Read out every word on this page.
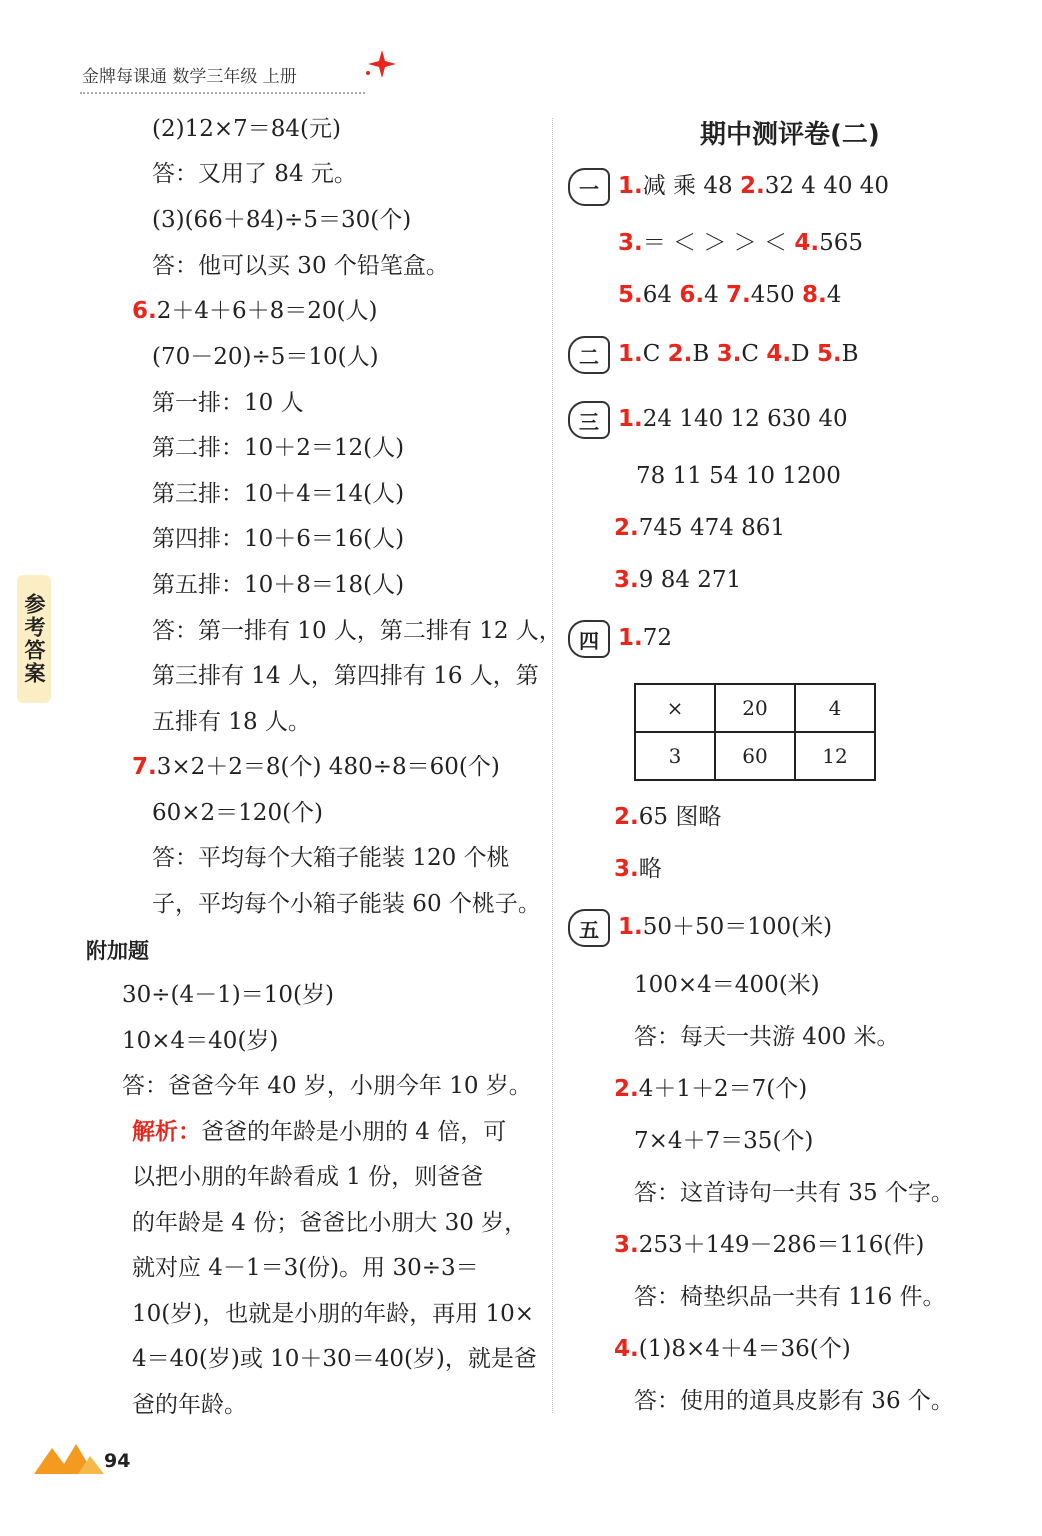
金牌每课通 数学三年级 上册
参考答案
(2)12×7＝84(元)
答：又用了 84 元。
(3)(66＋84)÷5＝30(个)
答：他可以买 30 个铅笔盒。
6.2＋4＋6＋8＝20(人)
(70－20)÷5＝10(人)
第一排：10 人
第二排：10＋2＝12(人)
第三排：10＋4＝14(人)
第四排：10＋6＝16(人)
第五排：10＋8＝18(人)
答：第一排有 10 人，第二排有 12 人，
第三排有 14 人，第四排有 16 人，第
五排有 18 人。
7.3×2＋2＝8(个) 480÷8＝60(个)
60×2＝120(个)
答：平均每个大箱子能装 120 个桃
子，平均每个小箱子能装 60 个桃子。
附加题
30÷(4－1)＝10(岁)
10×4＝40(岁)
答：爸爸今年 40 岁，小朋今年 10 岁。
解析：爸爸的年龄是小朋的 4 倍，可
以把小朋的年龄看成 1 份，则爸爸
的年龄是 4 份；爸爸比小朋大 30 岁，
就对应 4－1＝3(份)。用 30÷3＝
10(岁)，也就是小朋的年龄，再用 10×
4＝40(岁)或 10＋30＝40(岁)，就是爸
爸的年龄。
期中测评卷(二)
一 1.减 乘 48 2.32 4 40 40
3.＝ ＜ ＞ ＞ ＜ 4.565
5.64 6.4 7.450 8.4
二 1.C 2.B 3.C 4.D 5.B
三 1.24 140 12 630 40
78 11 54 10 1200
2.745 474 861
3.9 84 271
四 1.72
×	20	4
3	60	12
2.65 图略
3.略
五 1.50＋50＝100(米)
100×4＝400(米)
答：每天一共游 400 米。
2.4＋1＋2＝7(个)
7×4＋7＝35(个)
答：这首诗句一共有 35 个字。
3.253＋149－286＝116(件)
答：椅垫织品一共有 116 件。
4.(1)8×4＋4＝36(个)
答：使用的道具皮影有 36 个。
94
